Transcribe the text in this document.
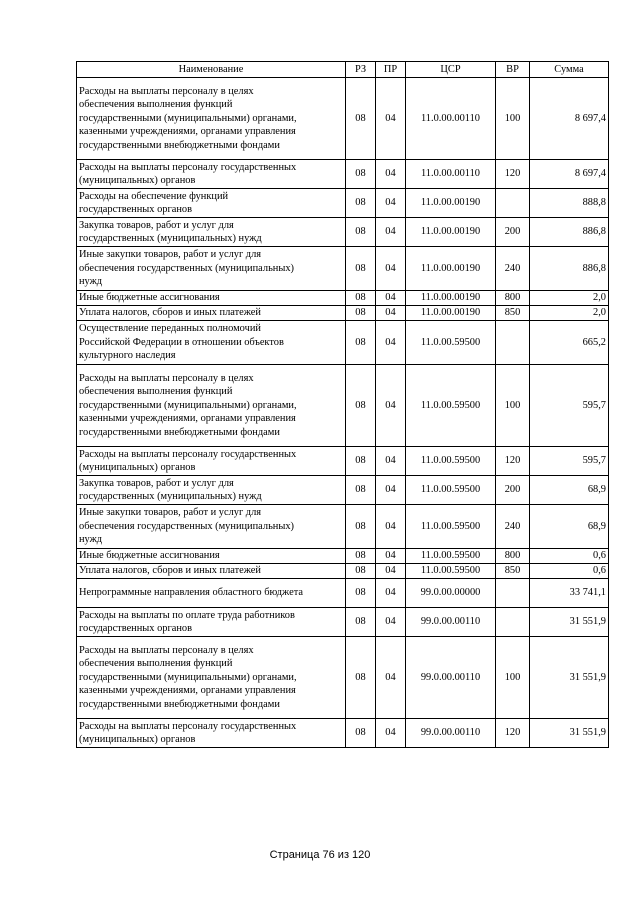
Наименование	РЗ	ПР	ЦСР	ВР	Сумма
Расходы на выплаты персоналу в целях
обеспечения выполнения функций
государственными (муниципальными) органами,
казенными учреждениями, органами управления
государственными внебюджетными фондами	08	04	11.0.00.00110	100	8 697,4
Расходы на выплаты персоналу государственных
(муниципальных) органов	08	04	11.0.00.00110	120	8 697,4
Расходы на обеспечение функций
государственных органов	08	04	11.0.00.00190		888,8
Закупка товаров, работ и услуг для
государственных (муниципальных) нужд	08	04	11.0.00.00190	200	886,8
Иные закупки товаров, работ и услуг для
обеспечения государственных (муниципальных)
нужд	08	04	11.0.00.00190	240	886,8
Иные бюджетные ассигнования	08	04	11.0.00.00190	800	2,0
Уплата налогов, сборов и иных платежей	08	04	11.0.00.00190	850	2,0
Осуществление переданных полномочий
Российской Федерации в отношении объектов
культурного наследия	08	04	11.0.00.59500		665,2
Расходы на выплаты персоналу в целях
обеспечения выполнения функций
государственными (муниципальными) органами,
казенными учреждениями, органами управления
государственными внебюджетными фондами	08	04	11.0.00.59500	100	595,7
Расходы на выплаты персоналу государственных
(муниципальных) органов	08	04	11.0.00.59500	120	595,7
Закупка товаров, работ и услуг для
государственных (муниципальных) нужд	08	04	11.0.00.59500	200	68,9
Иные закупки товаров, работ и услуг для
обеспечения государственных (муниципальных)
нужд	08	04	11.0.00.59500	240	68,9
Иные бюджетные ассигнования	08	04	11.0.00.59500	800	0,6
Уплата налогов, сборов и иных платежей	08	04	11.0.00.59500	850	0,6
Непрограммные направления областного бюджета	08	04	99.0.00.00000		33 741,1
Расходы на выплаты по оплате труда работников
государственных органов	08	04	99.0.00.00110		31 551,9
Расходы на выплаты персоналу в целях
обеспечения выполнения функций
государственными (муниципальными) органами,
казенными учреждениями, органами управления
государственными внебюджетными фондами	08	04	99.0.00.00110	100	31 551,9
Расходы на выплаты персоналу государственных
(муниципальных) органов	08	04	99.0.00.00110	120	31 551,9
Страница 76 из 120
